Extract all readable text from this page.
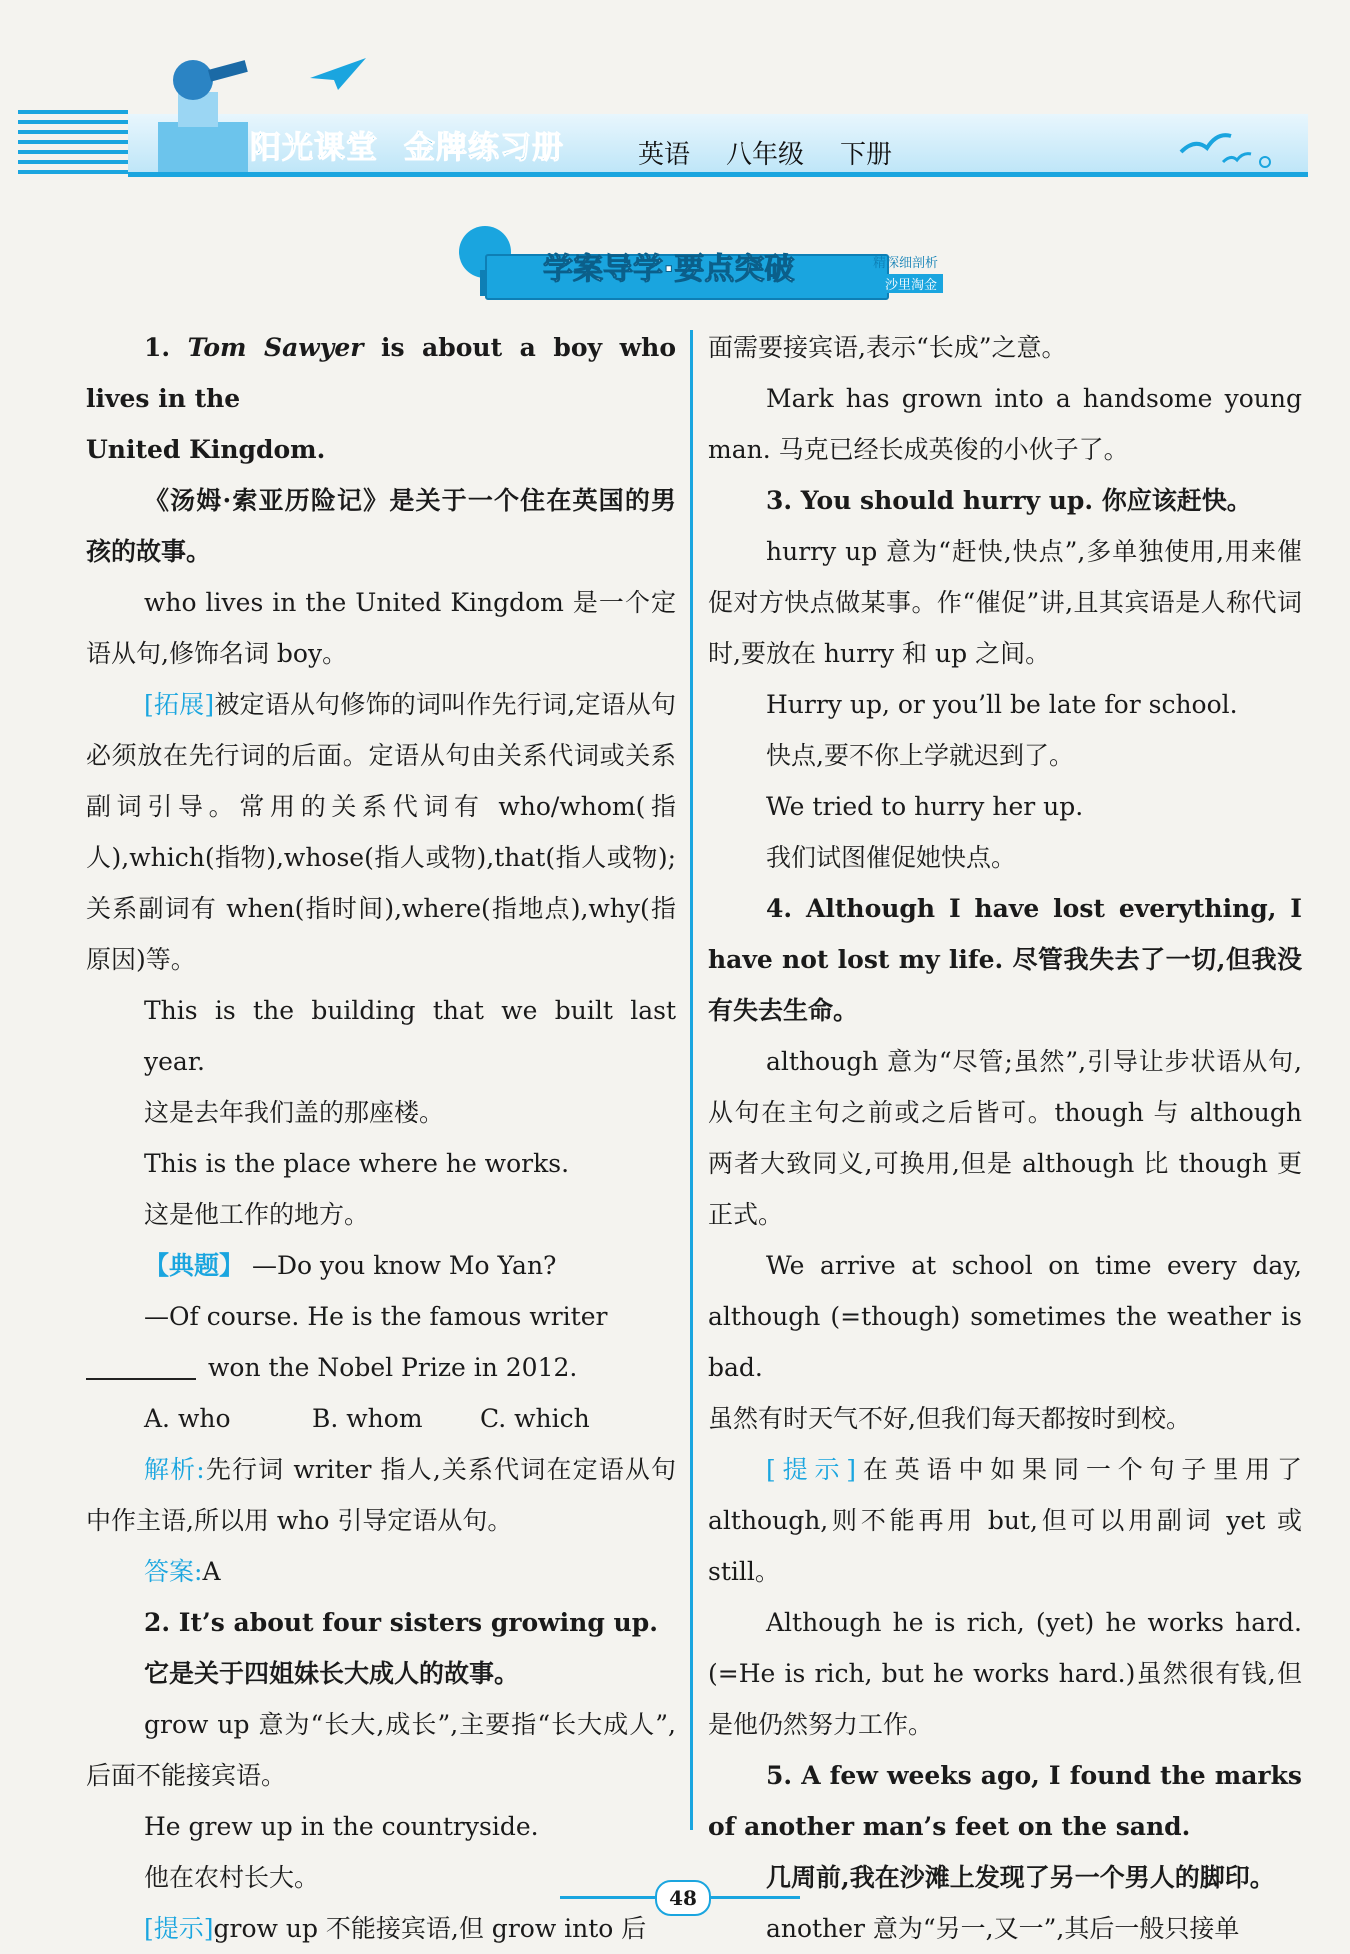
阳光课堂 金牌练习册	英语 八年级 下册
学案导学·要点突破	精深细剖析
沙里淘金

1. Tom Sawyer is about a boy who lives in the

United Kingdom.

《汤姆·索亚历险记》是关于一个住在英国的男孩的故事。

who lives in the United Kingdom 是一个定语从句,修饰名词 boy。

[拓展]被定语从句修饰的词叫作先行词,定语从句必须放在先行词的后面。定语从句由关系代词或关系副词引导。常用的关系代词有 who/whom(指人),which(指物),whose(指人或物),that(指人或物);关系副词有 when(指时间),where(指地点),why(指原因)等。

This is the building that we built last year.

这是去年我们盖的那座楼。

This is the place where he works.

这是他工作的地方。

【典题】 —Do you know Mo Yan?

—Of course. He is the famous writer

won the Nobel Prize in 2012.

A. who	B. whom C. which

解析:先行词 writer 指人,关系代词在定语从句中作主语,所以用 who 引导定语从句。

答案:A

2. It’s about four sisters growing up.

它是关于四姐妹长大成人的故事。

grow up 意为“长大,成长”,主要指“长大成人”,后面不能接宾语。

He grew up in the countryside.

他在农村长大。

[提示]grow up 不能接宾语,但 grow into 后

面需要接宾语,表示“长成”之意。

Mark has grown into a handsome young man. 马克已经长成英俊的小伙子了。

3. You should hurry up. 你应该赶快。

hurry up 意为“赶快,快点”,多单独使用,用来催促对方快点做某事。作“催促”讲,且其宾语是人称代词时,要放在 hurry 和 up 之间。

Hurry up, or you’ll be late for school.

快点,要不你上学就迟到了。

We tried to hurry her up.

我们试图催促她快点。

4. Although I have lost everything, I have not lost my life. 尽管我失去了一切,但我没有失去生命。

although 意为“尽管;虽然”,引导让步状语从句,从句在主句之前或之后皆可。though 与 although 两者大致同义,可换用,但是 although 比 though 更正式。

We arrive at school on time every day, although (=though) sometimes the weather is bad.

虽然有时天气不好,但我们每天都按时到校。

[提示]在英语中如果同一个句子里用了 although,则不能再用 but,但可以用副词 yet 或 still。

Although he is rich, (yet) he works hard. (=He is rich, but he works hard.)虽然很有钱,但是他仍然努力工作。

5. A few weeks ago, I found the marks of another man’s feet on the sand.

几周前,我在沙滩上发现了另一个男人的脚印。

another 意为“另一,又一”,其后一般只接单

48
